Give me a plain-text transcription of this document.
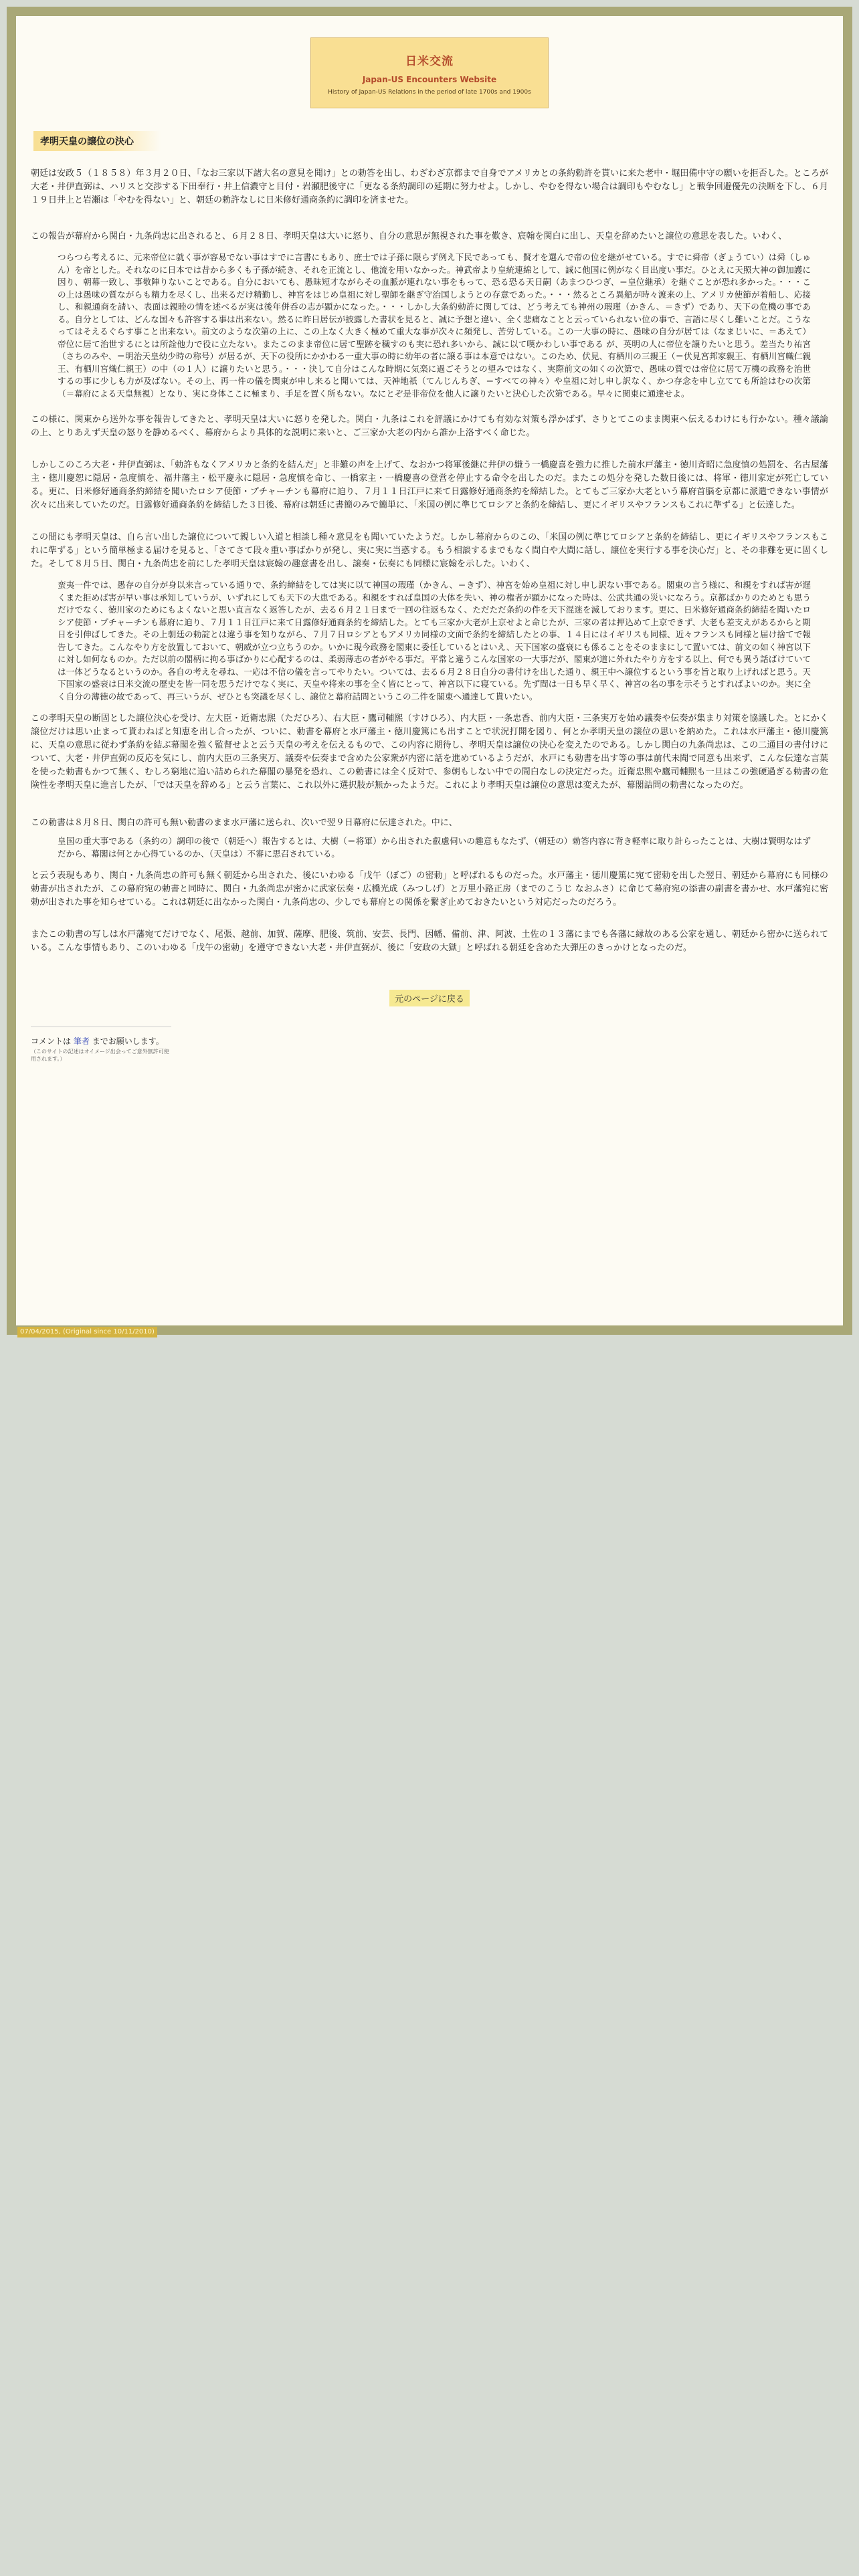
日米交流
Japan-US Encounters Website
History of Japan-US Relations in the period of late 1700s and 1900s
孝明天皇の譲位の決心

朝廷は安政５（１８５８）年３月２０日、「なお三家以下諸大名の意見を聞け」との勅答を出し、わざわざ京都まで自身でアメリカとの条約勅許を貰いに来た老中・堀田備中守の願いを拒否した。ところが大老・井伊直弼は、ハリスと交渉する下田奉行・井上信濃守と目付・岩瀬肥後守に「更なる条約調印の延期に努力せよ。しかし、やむを得ない場合は調印もやむなし」と戦争回避優先の決断を下し、６月１９日井上と岩瀬は「やむを得ない」と、朝廷の勅許なしに日米修好通商条約に調印を済ませた。

この報告が幕府から関白・九条尚忠に出されると、６月２８日、孝明天皇は大いに怒り、自分の意思が無視された事を歎き、宸翰を関白に出し、天皇を辞めたいと譲位の意思を表した。いわく、

つらつら考えるに、元来帝位に就く事が容易でない事はすでに言書にもあり、庶士では子孫に限らず例え下民であっても、賢才を選んで帝の位を継がせている。すでに舜帝（ぎょうてい）は舜（しゅん）を帝とした。それなのに日本では昔から多くも子孫が続き、それを正流とし、他流を用いなかった。神武帝より皇統連綿として、誠に他国に例がなく目出度い事だ。ひとえに天照大神の御加護に因り、朝幕一致し、事敬陣りないことである。自分においても、愚昧短才ながらその血脈が連れない事をもって、恐る恐る天日嗣（あまつひつぎ、＝皇位継承）を継ぐことが恐れ多かった。・・・この上は愚味の質ながらも精力を尽くし、出来るだけ精勤し、神宮をはじめ皇祖に対し聖師を継ぎ守治国しようとの存意であった。・・・然るところ異船が時々渡来の上、アメリカ使節が着船し、応接し、和親通商を請い、表面は親睦の情を述べるが実は後年併呑の志が顕かになった。・・・しかし大条約勅許に関しては、どう考えても神州の瑕瑾（かきん、＝きず）であり、天下の危機の事である。自分としては、どんな国々も許容する事は出来ない。然るに昨日居伝が披露した書状を見ると、誠に予想と違い、全く悲痛なことと云っていられない位の事で、言語に尽くし難いことだ。こうなってはそえるぐらす事こと出来ない。前文のような次第の上に、この上なく大きく極めて重大な事が次々に頻発し、苦労している。この一大事の時に、愚味の自分が居ては（なまじいに、＝あえて）帝位に居て治世するにとは所詮他力で役に立たない。またこのまま帝位に居て聖跡を穢すのも実に恐れ多いから、誠に以て嘆かわしい事である が、英明の人に帝位を譲りたいと思う。差当たり祐宮（さちのみや、＝明治天皇幼少時の称号）が居るが、天下の役所にかかわる一重大事の時に幼年の者に譲る事は本意ではない。このため、伏見、有栖川の三親王（＝伏見宮邦家親王、有栖川宮幟仁親王、有栖川宮熾仁親王）の中（の１人）に譲りたいと思う。・・・決して自分はこんな時期に気楽に過ごそうとの望みではなく、実際前文の如くの次第で、愚味の質では帝位に居て万機の政務を治世するの事に少しも力が及ばない。その上、再一件の儀を関東が申し来ると聞いては、天神地祇（てんじんちぎ、＝すべての神々）や皇祖に対し申し訳なく、かつ存念を申し立てても所詮はむの次第（＝幕府による天皇無視）となり、実に身体ここに極まり、手足を置く所もない。なにとぞ是非帝位を他人に譲りたいと決心した次第である。早々に関東に通達せよ。

この様に、関東から送外な事を報告してきたと、孝明天皇は大いに怒りを発した。関白・九条はこれを評議にかけても有効な対策も浮かばず、さりとてこのまま関東へ伝えるわけにも行かない。種々議論の上、とりあえず天皇の怒りを静めるべく、幕府からより具体的な説明に来いと、ご三家か大老の内から誰か上洛すべく命じた。

しかしこのころ大老・井伊直弼は、「勅許もなくアメリカと条約を結んだ」と非難の声を上げて、なおかつ将軍後継に井伊の嫌う一橋慶喜を強力に推した前水戸藩主・徳川斉昭に急度慎の処罰を、名古屋藩主・徳川慶恕に隠居・急度慎を、福井藩主・松平慶永に隠居・急度慎を命じ、一橋家主・一橋慶喜の登営を停止する命令を出したのだ。またこの処分を発した数日後には、将軍・徳川家定が死亡している。更に、日米修好通商条約締結を聞いたロシア使節・プチャーチンも幕府に迫り、７月１１日江戸に来て日露修好通商条約を締結した。とてもご三家か大老という幕府首脳を京都に派遣できない事情が次々に出来していたのだ。日露修好通商条約を締結した３日後、幕府は朝廷に書簡のみで簡単に、「米国の例に準じてロシアと条約を締結し、更にイギリスやフランスもこれに準ずる」と伝達した。

この間にも孝明天皇は、自ら言い出した譲位について親しい入道と相談し種々意見をも聞いていたようだ。しかし幕府からのこの、「米国の例に準じてロシアと条約を締結し、更にイギリスやフランスもこれに準ずる」という簡単極まる届けを見ると、「さてさて段々重い事ばかりが発し、実に実に当惑する。もう相談するまでもなく間白や大間に話し、譲位を実行する事を決心だ」と、その非難を更に固くした。そして８月５日、関白・九条尚忠を前にした孝明天皇は宸翰の趣意書を出し、譲奏・伝奏にも同様に宸翰を示した。いわく、

蛮夷一件では、愚存の自分が身以来言っている通りで、条約締結をしては実に以て神国の瑕瑾（かきん、＝きず）、神宮を始め皇祖に対し申し訳ない事である。閣東の言う様に、和親をすれば害が遅くまた拒めば害が早い事は承知していうが、いずれにしても天下の大患である。和親をすれば皇国の大体を失い、神の権者が顕かになった時は、公武共通の災いになろう。京都ばかりのためとも思うだけでなく、徳川家のためにもよくないと思い直言なく返答したが、去る６月２１日まで一回の往返もなく、ただただ条約の件を天下混迷を滅しております。更に、日米修好通商条約締結を聞いたロシア使節・プチャーチンも幕府に迫り、７月１１日江戸に来て日露修好通商条約を締結した。とても三家か大老が上京せよと命じたが、三家の者は押込めて上京できず、大老も差支えがあるからと期日を引伸ばしてきた。その上朝廷の勅諚とは違う事を知りながら、７月７日ロシアともアメリカ同様の文面で条約を締結したとの事、１４日にはイギリスも同様、近々フランスも同様と届け捨てで報告してきた。こんなやり方を放置しておいて、朝威が立つ立ちうのか。いかに現今政務を閣東に委任しているとはいえ、天下国家の盛衰にも係ることをそのままにして置いては、前文の如く神宮以下に対し如何なものか。ただ以前の閣柄に拘る事ばかりに心配するのは、柔弱薄志の者がやる事だ。平常と違うこんな国家の一大事だが、閣東が道に外れたやり方をする以上、何でも異う話ばけていては一体どうなるというのか。各自の考えを尋ね、一応は不信の儀を言ってやりたい。ついては、去る６月２８日自分の書付けを出した通り、親王中へ譲位するという事を旨と取り上げればと思う。天下国家の盛衰は日米交流の歴史を皆一同を思うだけでなく実に、天皇や将来の事を全く皆にとって、神宮以下に寝ている。先ず間は一日も早く早く、神宮の名の事を示そうとすればよいのか。実に全く自分の薄徳の故であって、再三いうが、ぜひとも突議を尽くし、譲位と幕府詰問というこの二件を閣東へ通達して貰いたい。

この孝明天皇の断固とした譲位決心を受け、左大臣・近衛忠煕（ただひろ）、右大臣・鷹司輔煕（すけひろ）、内大臣・一条忠香、前内大臣・三条実万を始め議奏や伝奏が集まり対策を協議した。とにかく譲位だけは思い止まって貰わねばと知恵を出し合ったが、ついに、勅書を幕府と水戸藩主・徳川慶篤にも出すことで状況打開を図り、何とか孝明天皇の譲位の思いを納めた。これは水戸藩主・徳川慶篤に、天皇の意思に従わず条約を結ぶ幕閣を強く監督せよと云う天皇の考えを伝えるもので、この内容に期待し、孝明天皇は譲位の決心を変えたのである。しかし関白の九条尚忠は、この二通目の書付けについて、大老・井伊直弼の反応を気にし、前内大臣の三条実万、議奏や伝奏まで含めた公家衆が内密に話を進めているようだが、水戸にも勅書を出す等の事は前代未聞で同意も出来ず、こんな伝達な言葉を使った勅書もかつて無く、むしろ窮地に追い詰められた幕閣の暴発を恐れ、この勅書には全く反対で、参朝もしない中での間白なしの決定だった。近衛忠煕や鷹司輔煕も一旦はこの強硬過ぎる勅書の危険性を孝明天皇に進言したが、「では天皇を辞める」と云う言葉に、これ以外に選択肢が無かったようだ。これにより孝明天皇は譲位の意思は変えたが、幕閣詰問の勅書になったのだ。

この勅書は８月８日、関白の許可も無い勅書のまま水戸藩に送られ、次いで翌９日幕府に伝達された。中に、

皇国の重大事である（条約の）調印の後で（朝廷へ）報告するとは、大樹（＝将軍）から出された叡慮伺いの趣意もなたず、（朝廷の）勅答内容に背き軽率に取り計らったことは、大樹は賢明なはずだから、幕閣は何とか心得ているのか、（天皇は）不審に思召されている。

と云う表現もあり、関白・九条尚忠の許可も無く朝廷から出された、後にいわゆる「戊午（ぼご）の密勅」と呼ばれるものだった。水戸藩主・徳川慶篤に宛て密勅を出した翌日、朝廷から幕府にも同様の勅書が出されたが、この幕府宛の勅書と同時に、関白・九条尚忠が密かに武家伝奏・広橋光成（みつしげ）と万里小路正房（までのこうじ なおふさ）に命じて幕府宛の添書の副書を書かせ、水戸藩宛に密勅が出された事を知らせている。これは朝廷に出なかった関白・九条尚忠の、少しでも幕府との関係を繋ぎ止めておきたいという対応だったのだろう。

またこの勅書の写しは水戸藩宛てだけでなく、尾張、越前、加賀、薩摩、肥後、筑前、安芸、長門、因幡、備前、津、阿波、土佐の１３藩にまでも各藩に縁故のある公家を通し、朝廷から密かに送られている。こんな事情もあり、このいわゆる「戊午の密勅」を遵守できない大老・井伊直弼が、後に「安政の大獄」と呼ばれる朝廷を含めた大弾圧のきっかけとなったのだ。

元のページに戻る
コメントは 筆者 までお願いします。
（このサイトの記述はオイメージ出会ってご意外無許可使用されます。）
07/04/2015, (Original since 10/11/2010)
